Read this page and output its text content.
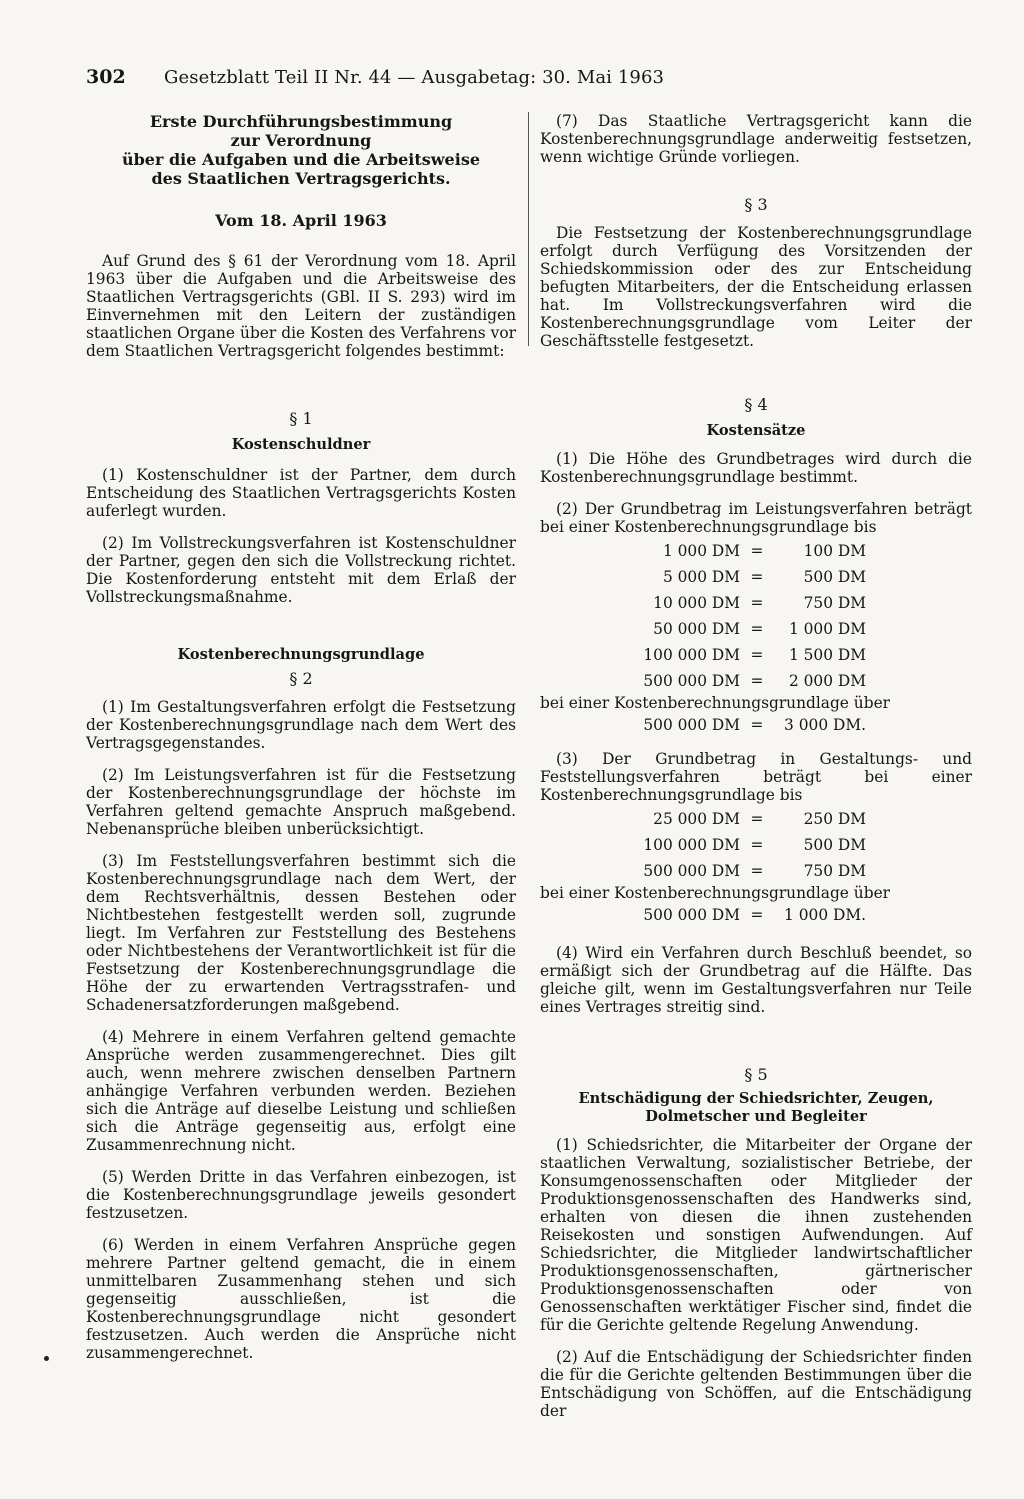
302	Gesetzblatt Teil II Nr. 44 — Ausgabetag: 30. Mai 1963

Erste Durchführungsbestimmung

zur Verordnung

über die Aufgaben und die Arbeitsweise

des Staatlichen Vertragsgerichts.

Vom 18. April 1963

Auf Grund des § 61 der Verordnung vom 18. April 1963 über die Aufgaben und die Arbeitsweise des Staatlichen Vertragsgerichts (GBl. II S. 293) wird im Einvernehmen mit den Leitern der zuständigen staatlichen Organe über die Kosten des Verfahrens vor dem Staatlichen Vertragsgericht folgendes bestimmt:

§ 1

Kostenschuldner

(1) Kostenschuldner ist der Partner, dem durch Entscheidung des Staatlichen Vertragsgerichts Kosten auferlegt wurden.

(2) Im Vollstreckungsverfahren ist Kostenschuldner der Partner, gegen den sich die Vollstreckung richtet. Die Kostenforderung entsteht mit dem Erlaß der Vollstreckungsmaßnahme.

Kostenberechnungsgrundlage

§ 2

(1) Im Gestaltungsverfahren erfolgt die Festsetzung der Kostenberechnungsgrundlage nach dem Wert des Vertragsgegenstandes.

(2) Im Leistungsverfahren ist für die Festsetzung der Kostenberechnungsgrundlage der höchste im Verfahren geltend gemachte Anspruch maßgebend. Nebenansprüche bleiben unberücksichtigt.

(3) Im Feststellungsverfahren bestimmt sich die Kostenberechnungsgrundlage nach dem Wert, der dem Rechtsverhältnis, dessen Bestehen oder Nichtbestehen festgestellt werden soll, zugrunde liegt. Im Verfahren zur Feststellung des Bestehens oder Nichtbestehens der Verantwortlichkeit ist für die Festsetzung der Kostenberechnungsgrundlage die Höhe der zu erwartenden Vertragsstrafen- und Schadenersatzforderungen maßgebend.

(4) Mehrere in einem Verfahren geltend gemachte Ansprüche werden zusammengerechnet. Dies gilt auch, wenn mehrere zwischen denselben Partnern anhängige Verfahren verbunden werden. Beziehen sich die Anträge auf dieselbe Leistung und schließen sich die Anträge gegenseitig aus, erfolgt eine Zusammenrechnung nicht.

(5) Werden Dritte in das Verfahren einbezogen, ist die Kostenberechnungsgrundlage jeweils gesondert festzusetzen.

(6) Werden in einem Verfahren Ansprüche gegen mehrere Partner geltend gemacht, die in einem unmittelbaren Zusammenhang stehen und sich gegenseitig ausschließen, ist die Kostenberechnungsgrundlage nicht gesondert festzusetzen. Auch werden die Ansprüche nicht zusammengerechnet.

(7) Das Staatliche Vertragsgericht kann die Kostenberechnungsgrundlage anderweitig festsetzen, wenn wichtige Gründe vorliegen.

§ 3

Die Festsetzung der Kostenberechnungsgrundlage erfolgt durch Verfügung des Vorsitzenden der Schiedskommission oder des zur Entscheidung befugten Mitarbeiters, der die Entscheidung erlassen hat. Im Vollstreckungsverfahren wird die Kostenberechnungsgrundlage vom Leiter der Geschäftsstelle festgesetzt.

§ 4

Kostensätze

(1) Die Höhe des Grundbetrages wird durch die Kostenberechnungsgrundlage bestimmt.

(2) Der Grundbetrag im Leistungsverfahren beträgt bei einer Kostenberechnungsgrundlage bis

1 000 DM =	100 DM
5 000 DM =	500 DM
10 000 DM =	750 DM
50 000 DM =	1 000 DM
100 000 DM =	1 500 DM
500 000 DM =	2 000 DM

bei einer Kostenberechnungsgrundlage über

500 000 DM =	3 000 DM.

(3) Der Grundbetrag in Gestaltungs- und Feststellungsverfahren beträgt bei einer Kostenberechnungsgrundlage bis

25 000 DM =	250 DM
100 000 DM =	500 DM
500 000 DM =	750 DM

bei einer Kostenberechnungsgrundlage über

500 000 DM =	1 000 DM.

(4) Wird ein Verfahren durch Beschluß beendet, so ermäßigt sich der Grundbetrag auf die Hälfte. Das gleiche gilt, wenn im Gestaltungsverfahren nur Teile eines Vertrages streitig sind.

§ 5

Entschädigung der Schiedsrichter, Zeugen,

Dolmetscher und Begleiter

(1) Schiedsrichter, die Mitarbeiter der Organe der staatlichen Verwaltung, sozialistischer Betriebe, der Konsumgenossenschaften oder Mitglieder der Produktionsgenossenschaften des Handwerks sind, erhalten von diesen die ihnen zustehenden Reisekosten und sonstigen Aufwendungen. Auf Schiedsrichter, die Mitglieder landwirtschaftlicher Produktionsgenossenschaften, gärtnerischer Produktionsgenossenschaften oder von Genossenschaften werktätiger Fischer sind, findet die für die Gerichte geltende Regelung Anwendung.

(2) Auf die Entschädigung der Schiedsrichter finden die für die Gerichte geltenden Bestimmungen über die Entschädigung von Schöffen, auf die Entschädigung der
